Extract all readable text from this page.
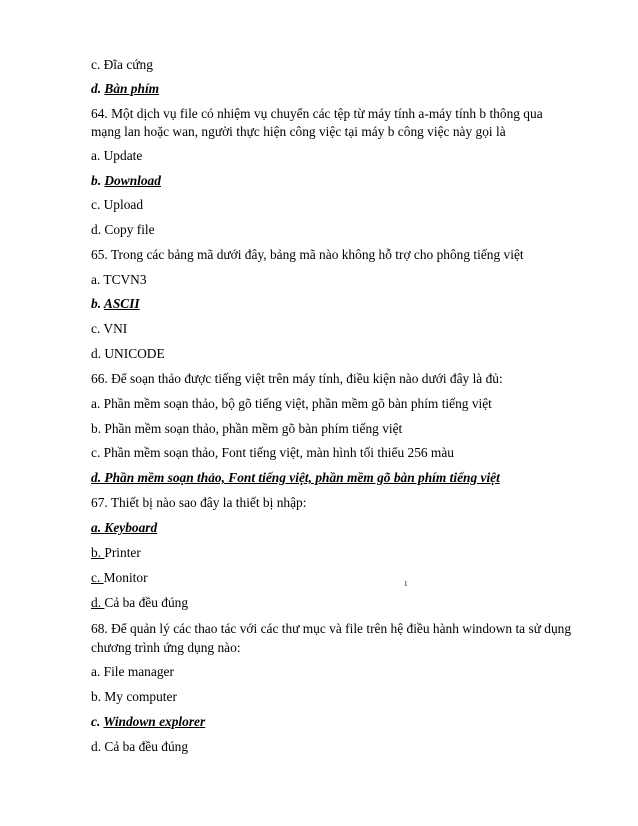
c. Đĩa cứng
d. Bàn phím
64. Một dịch vụ file có nhiệm vụ chuyển các tệp từ máy tính a-máy tính b thông qua
mạng lan hoặc wan, người thực hiện công việc tại máy b công việc này gọi là
a. Update
b. Download
c. Upload
d. Copy file
65. Trong các bảng mã dưới đây, bảng mã nào không hỗ trợ cho phông tiếng việt
a. TCVN3
b. ASCII
c. VNI
d. UNICODE
66. Để soạn thảo được tiếng việt trên máy tính, điều kiện nào dưới đây là đủ:
a. Phần mềm soạn thảo, bộ gõ tiếng việt, phần mềm gõ bàn phím tiếng việt
b. Phần mềm soạn thảo, phần mềm gõ bàn phím tiếng việt
c. Phần mềm soạn thảo, Font tiếng việt, màn hình tối thiểu 256 màu
d. Phần mềm soạn thảo, Font tiếng việt, phần mềm gõ bàn phím tiếng việt
67. Thiết bị nào sao đây la thiết bị nhập:
a. Keyboard
b. Printer
c. Monitor
d. Cả ba đều đúng
68. Để quản lý các thao tác với các thư mục và file trên hệ điều hành windown ta sử dụng
chương trình ứng dụng nào:
a. File manager
b. My computer
c. Windown explorer
d. Cả ba đều đúng
1
